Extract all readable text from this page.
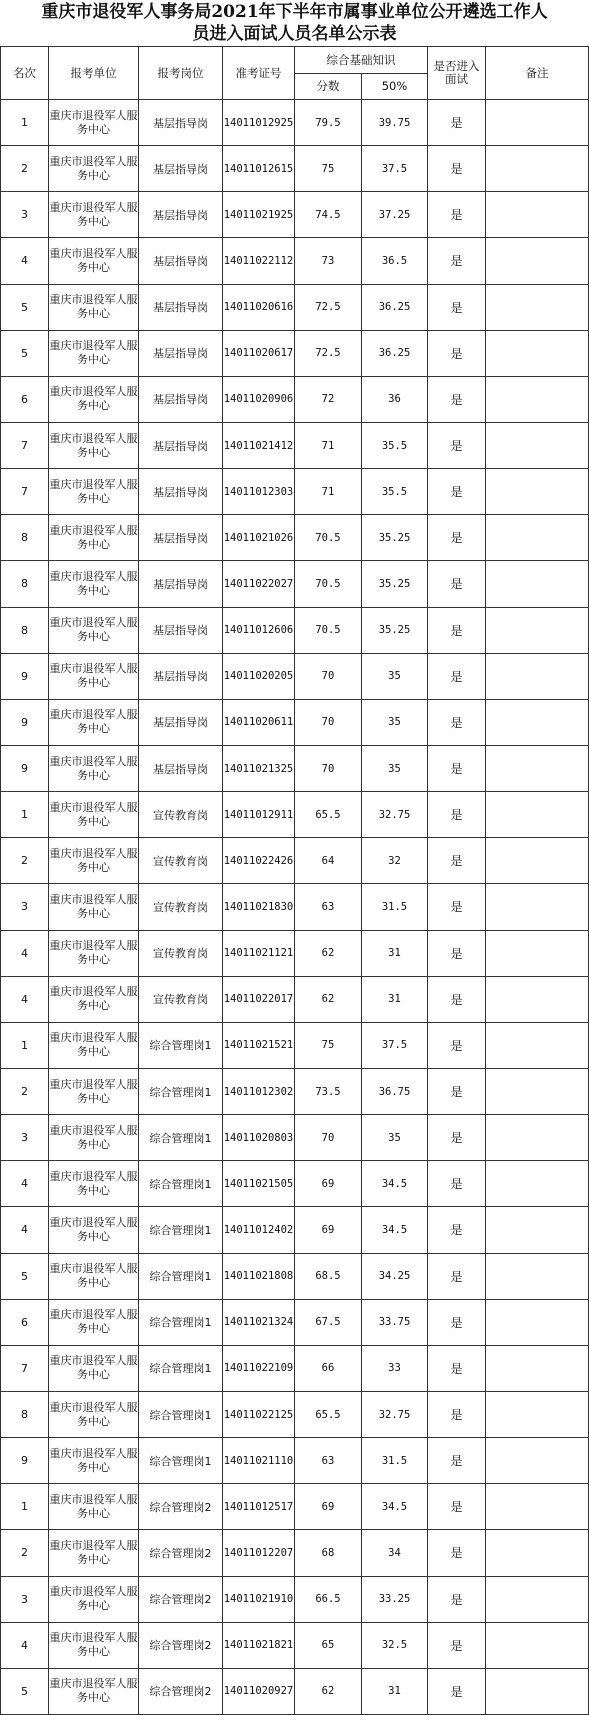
重庆市退役军人事务局2021年下半年市属事业单位公开遴选工作人
员进入面试人员名单公示表
名次	报考单位	报考岗位	准考证号	综合基础知识		是否进入面试	备注
				分数	50%		
1	重庆市退役军人服务中心	基层指导岗	14011012925	79.5	39.75	是	
2	重庆市退役军人服务中心	基层指导岗	14011012615	75	37.5	是	
3	重庆市退役军人服务中心	基层指导岗	14011021925	74.5	37.25	是	
4	重庆市退役军人服务中心	基层指导岗	14011022112	73	36.5	是	
5	重庆市退役军人服务中心	基层指导岗	14011020616	72.5	36.25	是	
5	重庆市退役军人服务中心	基层指导岗	14011020617	72.5	36.25	是	
6	重庆市退役军人服务中心	基层指导岗	14011020906	72	36	是	
7	重庆市退役军人服务中心	基层指导岗	14011021412	71	35.5	是	
7	重庆市退役军人服务中心	基层指导岗	14011012303	71	35.5	是	
8	重庆市退役军人服务中心	基层指导岗	14011021026	70.5	35.25	是	
8	重庆市退役军人服务中心	基层指导岗	14011022027	70.5	35.25	是	
8	重庆市退役军人服务中心	基层指导岗	14011012606	70.5	35.25	是	
9	重庆市退役军人服务中心	基层指导岗	14011020205	70	35	是	
9	重庆市退役军人服务中心	基层指导岗	14011020611	70	35	是	
9	重庆市退役军人服务中心	基层指导岗	14011021325	70	35	是	
1	重庆市退役军人服务中心	宣传教育岗	14011012911	65.5	32.75	是	
2	重庆市退役军人服务中心	宣传教育岗	14011022426	64	32	是	
3	重庆市退役军人服务中心	宣传教育岗	14011021830	63	31.5	是	
4	重庆市退役军人服务中心	宣传教育岗	14011021121	62	31	是	
4	重庆市退役军人服务中心	宣传教育岗	14011022017	62	31	是	
1	重庆市退役军人服务中心	综合管理岗1	14011021521	75	37.5	是	
2	重庆市退役军人服务中心	综合管理岗1	14011012302	73.5	36.75	是	
3	重庆市退役军人服务中心	综合管理岗1	14011020803	70	35	是	
4	重庆市退役军人服务中心	综合管理岗1	14011021505	69	34.5	是	
4	重庆市退役军人服务中心	综合管理岗1	14011012402	69	34.5	是	
5	重庆市退役军人服务中心	综合管理岗1	14011021808	68.5	34.25	是	
6	重庆市退役军人服务中心	综合管理岗1	14011021324	67.5	33.75	是	
7	重庆市退役军人服务中心	综合管理岗1	14011022109	66	33	是	
8	重庆市退役军人服务中心	综合管理岗1	14011022125	65.5	32.75	是	
9	重庆市退役军人服务中心	综合管理岗1	14011021110	63	31.5	是	
1	重庆市退役军人服务中心	综合管理岗2	14011012517	69	34.5	是	
2	重庆市退役军人服务中心	综合管理岗2	14011012207	68	34	是	
3	重庆市退役军人服务中心	综合管理岗2	14011021910	66.5	33.25	是	
4	重庆市退役军人服务中心	综合管理岗2	14011021821	65	32.5	是	
5	重庆市退役军人服务中心	综合管理岗2	14011020927	62	31	是	
